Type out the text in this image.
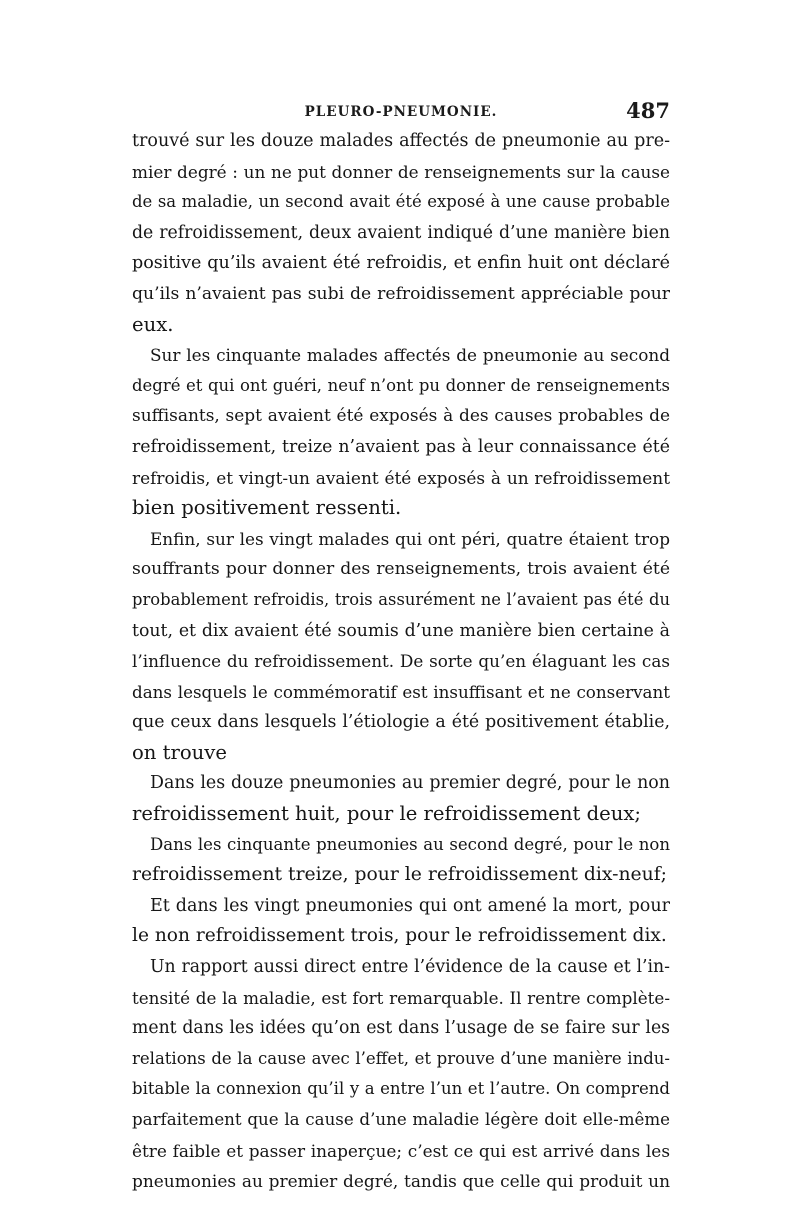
PLEURO-PNEUMONIE.	487
trouvé sur les douze malades affectés de pneumonie au pre-
mier degré : un ne put donner de renseignements sur la cause
de sa maladie, un second avait été exposé à une cause probable
de refroidissement, deux avaient indiqué d’une manière bien
positive qu’ils avaient été refroidis, et enfin huit ont déclaré
qu’ils n’avaient pas subi de refroidissement appréciable pour
eux.
Sur les cinquante malades affectés de pneumonie au second
degré et qui ont guéri, neuf n’ont pu donner de renseignements
suffisants, sept avaient été exposés à des causes probables de
refroidissement, treize n’avaient pas à leur connaissance été
refroidis, et vingt-un avaient été exposés à un refroidissement
bien positivement ressenti.
Enfin, sur les vingt malades qui ont péri, quatre étaient trop
souffrants pour donner des renseignements, trois avaient été
probablement refroidis, trois assurément ne l’avaient pas été du
tout, et dix avaient été soumis d’une manière bien certaine à
l’influence du refroidissement. De sorte qu’en élaguant les cas
dans lesquels le commémoratif est insuffisant et ne conservant
que ceux dans lesquels l’étiologie a été positivement établie,
on trouve
Dans les douze pneumonies au premier degré, pour le non
refroidissement huit, pour le refroidissement deux;
Dans les cinquante pneumonies au second degré, pour le non
refroidissement treize, pour le refroidissement dix-neuf;
Et dans les vingt pneumonies qui ont amené la mort, pour
le non refroidissement trois, pour le refroidissement dix.
Un rapport aussi direct entre l’évidence de la cause et l’in-
tensité de la maladie, est fort remarquable. Il rentre complète-
ment dans les idées qu’on est dans l’usage de se faire sur les
relations de la cause avec l’effet, et prouve d’une manière indu-
bitable la connexion qu’il y a entre l’un et l’autre. On comprend
parfaitement que la cause d’une maladie légère doit elle-même
être faible et passer inaperçue; c’est ce qui est arrivé dans les
pneumonies au premier degré, tandis que celle qui produit un
